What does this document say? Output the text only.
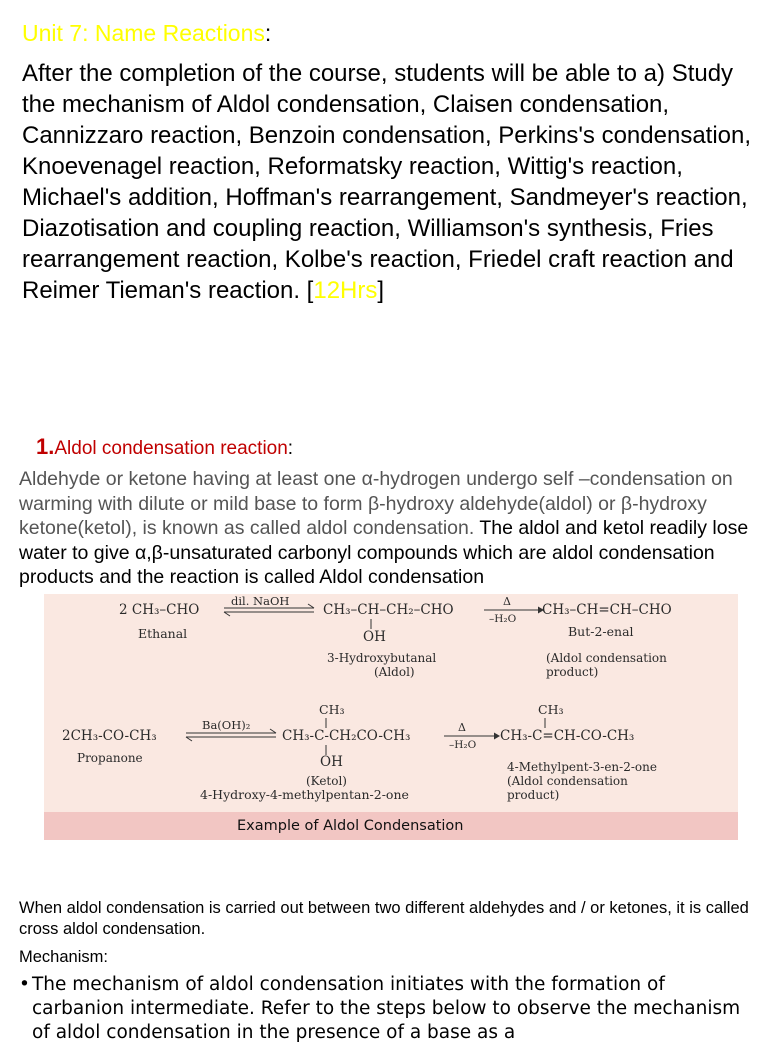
Unit 7: Name Reactions:
After the completion of the course, students will be able to a) Study the mechanism of Aldol condensation, Claisen condensation, Cannizzaro reaction, Benzoin condensation, Perkins's condensation, Knoevenagel reaction, Reformatsky reaction, Wittig's reaction, Michael's addition, Hoffman's rearrangement, Sandmeyer's reaction, Diazotisation and coupling reaction, Williamson's synthesis, Fries rearrangement reaction, Kolbe's reaction, Friedel craft reaction and Reimer Tieman's reaction. [12Hrs]
1.Aldol condensation reaction:
Aldehyde or ketone having at least one α-hydrogen undergo self –condensation on warming with dilute or mild base to form β-hydroxy aldehyde(aldol) or β-hydroxy ketone(ketol), is known as called aldol condensation. The aldol and ketol readily lose water to give α,β-unsaturated carbonyl compounds which are aldol condensation products and the reaction is called Aldol condensation
2 CH₃–CHO
Ethanal
dil. NaOH
CH₃–CH–CH₂–CHO
OH
3-Hydroxybutanal
(Aldol)
Δ
–H₂O
CH₃–CH=CH–CHO
But-2-enal
(Aldol condensation
product)
2CH₃-CO-CH₃
Propanone
Ba(OH)₂
CH₃
CH₃-C-CH₂CO-CH₃
OH
(Ketol)
4-Hydroxy-4-methylpentan-2-one
Δ
–H₂O
CH₃
CH₃-C=CH-CO-CH₃
4-Methylpent-3-en-2-one
(Aldol condensation
product)
Example of Aldol Condensation
When aldol condensation is carried out between two different aldehydes and / or ketones, it is called cross aldol condensation.
Mechanism:
• The mechanism of aldol condensation initiates with the formation of carbanion intermediate. Refer to the steps below to observe the mechanism of aldol condensation in the presence of a base as a
